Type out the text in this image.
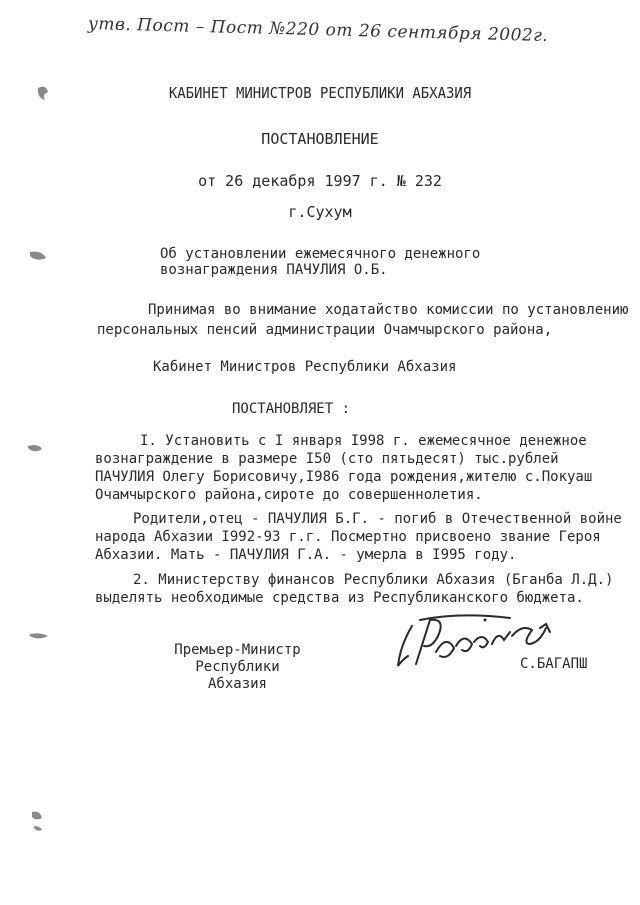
утв. Пост – Пост №220 от 26 сентября 2002г.
КАБИНЕТ МИНИСТРОВ РЕСПУБЛИКИ АБХАЗИЯ
ПОСТАНОВЛЕНИЕ
от 26 декабря 1997 г. № 232
г.Сухум
Об установлении ежемесячного денежного
вознаграждения ПАЧУЛИЯ О.Б.
Принимая во внимание ходатайство комиссии по установлению
персональных пенсий администрации Очамчырского района,
Кабинет Министров Республики Абхазия
ПОСТАНОВЛЯЕТ :
I. Установить с I января I998 г. ежемесячное денежное
вознаграждение в размере I50 (сто пятьдесят) тыс.рублей
ПАЧУЛИЯ Олегу Борисовичу,I986 года рождения,жителю с.Покуаш
Очамчырского района,сироте до совершеннолетия.
Родители,отец - ПАЧУЛИЯ Б.Г. - погиб в Отечественной войне
народа Абхазии I992-93 г.г. Посмертно присвоено звание Героя
Абхазии. Мать - ПАЧУЛИЯ Г.А. - умерла в I995 году.
2. Министерству финансов Республики Абхазия (Бганба Л.Д.)
выделять необходимые средства из Республиканского бюджета.
Премьер-Министр
Республики Абхазия
С.БАГАПШ
